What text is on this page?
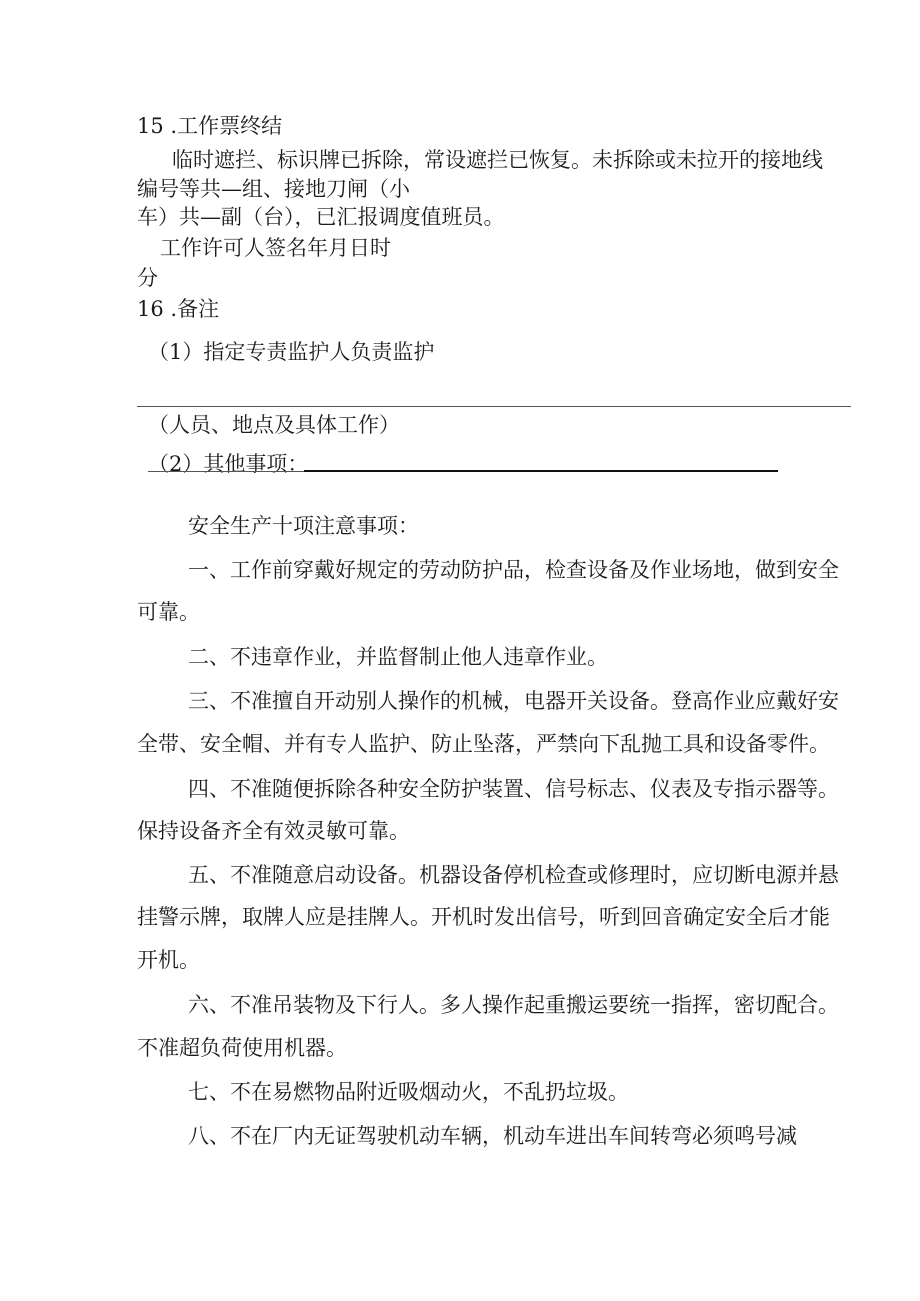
15 .工作票终结
临时遮拦、标识牌已拆除，常设遮拦已恢复。未拆除或未拉开的接地线
编号等共—组、接地刀闸（小
车）共—副（台），已汇报调度值班员。
工作许可人签名年月日时
分
16 .备注
（1）指定专责监护人负责监护
（人员、地点及具体工作）
（2）其他事项：
安全生产十项注意事项：
一、工作前穿戴好规定的劳动防护品，检查设备及作业场地，做到安全
可靠。
二、不违章作业，并监督制止他人违章作业。
三、不准擅自开动别人操作的机械，电器开关设备。登高作业应戴好安
全带、安全帽、并有专人监护、防止坠落，严禁向下乱抛工具和设备零件。
四、不准随便拆除各种安全防护装置、信号标志、仪表及专指示器等。
保持设备齐全有效灵敏可靠。
五、不准随意启动设备。机器设备停机检查或修理时，应切断电源并悬
挂警示牌，取牌人应是挂牌人。开机时发出信号，听到回音确定安全后才能
开机。
六、不准吊装物及下行人。多人操作起重搬运要统一指挥，密切配合。
不准超负荷使用机器。
七、不在易燃物品附近吸烟动火，不乱扔垃圾。
八、不在厂内无证驾驶机动车辆，机动车进出车间转弯必须鸣号减
